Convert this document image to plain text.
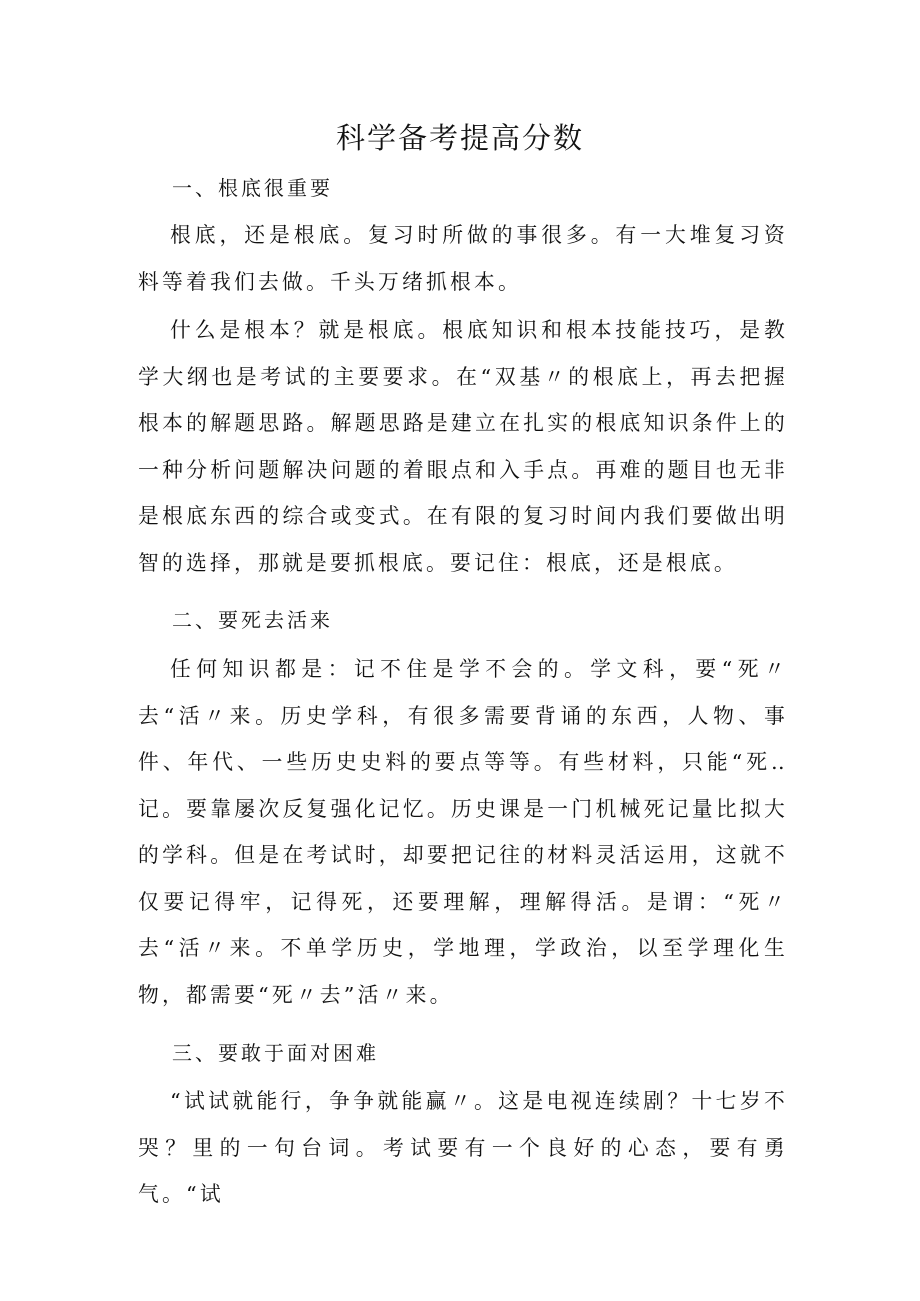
科学备考提高分数
一、根底很重要

根底，还是根底。复习时所做的事很多。有一大堆复习资料等着我们去做。千头万绪抓根本。

什么是根本？就是根底。根底知识和根本技能技巧，是教学大纲也是考试的主要要求。在“双基〃的根底上，再去把握根本的解题思路。解题思路是建立在扎实的根底知识条件上的一种分析问题解决问题的着眼点和入手点。再难的题目也无非是根底东西的综合或变式。在有限的复习时间内我们要做出明智的选择，那就是要抓根底。要记住：根底，还是根底。

二、要死去活来

任何知识都是：记不住是学不会的。学文科，要“死〃去“活〃来。历史学科，有很多需要背诵的东西，人物、事件、年代、一些历史史料的要点等等。有些材料，只能“死‥记。要靠屡次反复强化记忆。历史课是一门机械死记量比拟大的学科。但是在考试时，却要把记往的材料灵活运用，这就不仅要记得牢，记得死，还要理解，理解得活。是谓：“死〃去“活〃来。不单学历史，学地理，学政治，以至学理化生物，都需要“死〃去”活〃来。

三、要敢于面对困难

“试试就能行，争争就能赢〃。这是电视连续剧？十七岁不哭？里的一句台词。考试要有一个良好的心态，要有勇气。“试
